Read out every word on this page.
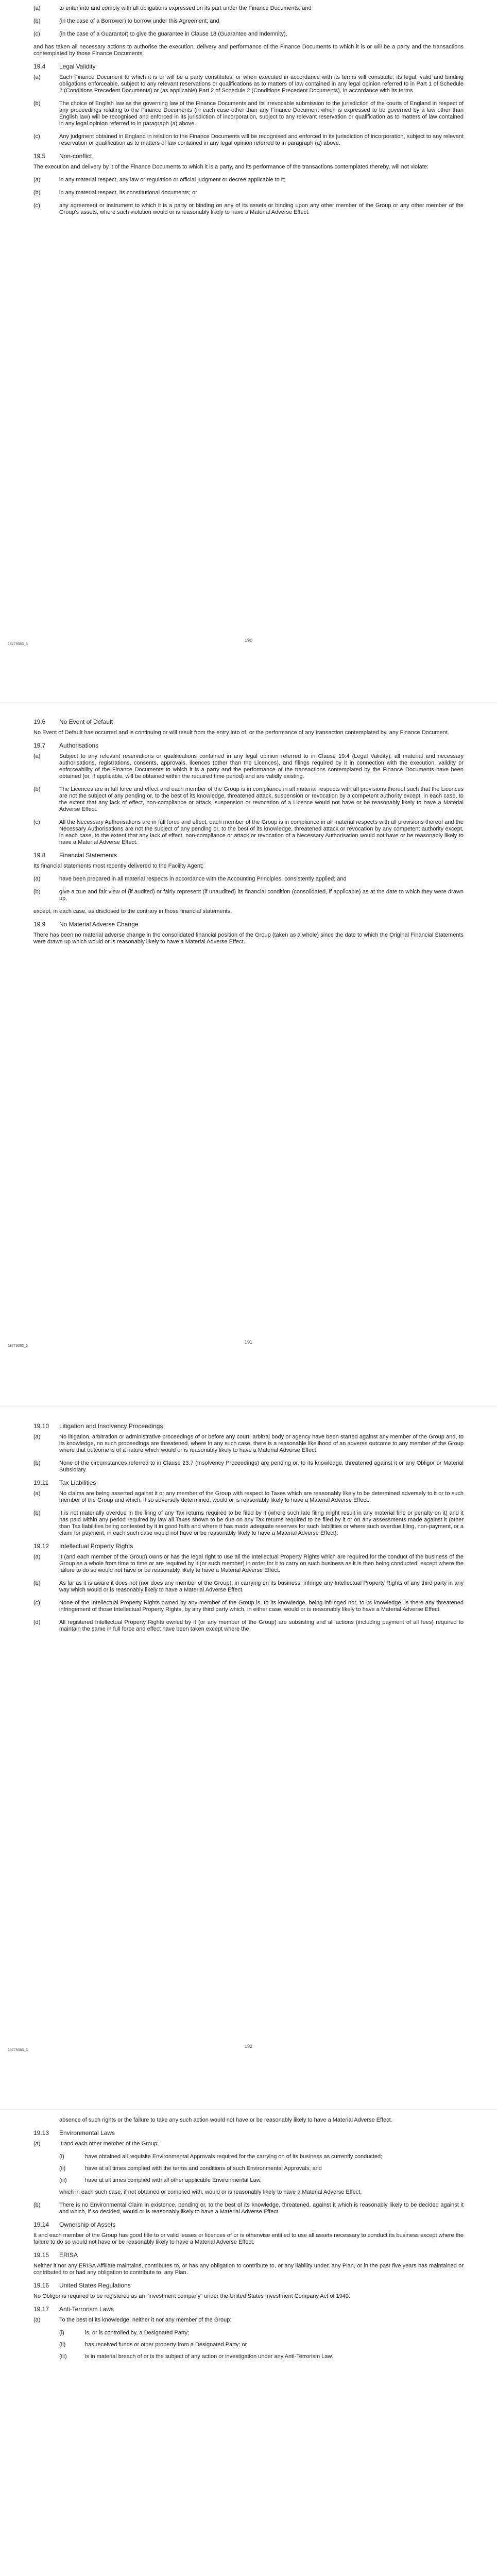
(a)	to enter into and comply with all obligations expressed on its part under the Finance Documents; and
(b)	(in the case of a Borrower) to borrow under this Agreement; and
(c)	(in the case of a Guarantor) to give the guarantee in Clause 18 (Guarantee and Indemnity),
and has taken all necessary actions to authorise the execution, delivery and performance of the Finance Documents to which it is or will be a party and the transactions contemplated by those Finance Documents.
19.4	Legal Validity
(a)	Each Finance Document to which it is or will be a party constitutes, or when executed in accordance with its terms will constitute, its legal, valid and binding obligations enforceable, subject to any relevant reservations or qualifications as to matters of law contained in any legal opinion referred to in Part 1 of Schedule 2 (Conditions Precedent Documents) or (as applicable) Part 2 of Schedule 2 (Conditions Precedent Documents), in accordance with its terms.
(b)	The choice of English law as the governing law of the Finance Documents and its irrevocable submission to the jurisdiction of the courts of England in respect of any proceedings relating to the Finance Documents (in each case other than any Finance Document which is expressed to be governed by a law other than English law) will be recognised and enforced in its jurisdiction of incorporation, subject to any relevant reservation or qualification as to matters of law contained in any legal opinion referred to in paragraph (a) above.
(c)	Any judgment obtained in England in relation to the Finance Documents will be recognised and enforced in its jurisdiction of incorporation, subject to any relevant reservation or qualification as to matters of law contained in any legal opinion referred to in paragraph (a) above.
19.5	Non-conflict
The execution and delivery by it of the Finance Documents to which it is a party, and its performance of the transactions contemplated thereby, will not violate:
(a)	in any material respect, any law or regulation or official judgment or decree applicable to it;
(b)	in any material respect, its constitutional documents; or
(c)	any agreement or instrument to which it is a party or binding on any of its assets or binding upon any other member of the Group or any other member of the Group's assets, where such violation would or is reasonably likely to have a Material Adverse Effect.
18779383_6
190
19.6	No Event of Default
No Event of Default has occurred and is continuing or will result from the entry into of, or the performance of any transaction contemplated by, any Finance Document.
19.7	Authorisations
(a)	Subject to any relevant reservations or qualifications contained in any legal opinion referred to in Clause 19.4 (Legal Validity), all material and necessary authorisations, registrations, consents, approvals, licences (other than the Licences), and filings required by it in connection with the execution, validity or enforceability of the Finance Documents to which it is a party and the performance of the transactions contemplated by the Finance Documents have been obtained (or, if applicable, will be obtained within the required time period) and are validly existing.
(b)	The Licences are in full force and effect and each member of the Group is in compliance in all material respects with all provisions thereof such that the Licences are not the subject of any pending or, to the best of its knowledge, threatened attack, suspension or revocation by a competent authority except, in each case, to the extent that any lack of effect, non-compliance or attack, suspension or revocation of a Licence would not have or be reasonably likely to have a Material Adverse Effect.
(c)	All the Necessary Authorisations are in full force and effect, each member of the Group is in compliance in all material respects with all provisions thereof and the Necessary Authorisations are not the subject of any pending or, to the best of its knowledge, threatened attack or revocation by any competent authority except, in each case, to the extent that any lack of effect, non-compliance or attack or revocation of a Necessary Authorisation would not have or be reasonably likely to have a Material Adverse Effect.
19.8	Financial Statements
Its financial statements most recently delivered to the Facility Agent:
(a)	have been prepared in all material respects in accordance with the Accounting Principles, consistently applied; and
(b)	give a true and fair view of (if audited) or fairly represent (if unaudited) its financial condition (consolidated, if applicable) as at the date to which they were drawn up,
except, in each case, as disclosed to the contrary in those financial statements.
19.9	No Material Adverse Change
There has been no material adverse change in the consolidated financial position of the Group (taken as a whole) since the date to which the Original Financial Statements were drawn up which would or is reasonably likely to have a Material Adverse Effect.
18779383_6
191
19.10	Litigation and Insolvency Proceedings
(a)	No litigation, arbitration or administrative proceedings of or before any court, arbitral body or agency have been started against any member of the Group and, to its knowledge, no such proceedings are threatened, where in any such case, there is a reasonable likelihood of an adverse outcome to any member of the Group where that outcome is of a nature which would or is reasonably likely to have a Material Adverse Effect.
(b)	None of the circumstances referred to in Clause 23.7 (Insolvency Proceedings) are pending or, to its knowledge, threatened against it or any Obligor or Material Subsidiary.
19.11	Tax Liabilities
(a)	No claims are being asserted against it or any member of the Group with respect to Taxes which are reasonably likely to be determined adversely to it or to such member of the Group and which, if so adversely determined, would or is reasonably likely to have a Material Adverse Effect.
(b)	It is not materially overdue in the filing of any Tax returns required to be filed by it (where such late filing might result in any material fine or penalty on it) and it has paid within any period required by law all Taxes shown to be due on any Tax returns required to be filed by it or on any assessments made against it (other than Tax liabilities being contested by it in good faith and where it has made adequate reserves for such liabilities or where such overdue filing, non-payment, or a claim for payment, in each such case would not have or be reasonably likely to have a Material Adverse Effect).
19.12	Intellectual Property Rights
(a)	It (and each member of the Group) owns or has the legal right to use all the Intellectual Property Rights which are required for the conduct of the business of the Group as a whole from time to time or are required by it (or such member) in order for it to carry on such business as it is then being conducted, except where the failure to do so would not have or be reasonably likely to have a Material Adverse Effect.
(b)	As far as it is aware it does not (nor does any member of the Group), in carrying on its business, infringe any Intellectual Property Rights of any third party in any way which would or is reasonably likely to have a Material Adverse Effect.
(c)	None of the Intellectual Property Rights owned by any member of the Group is, to its knowledge, being infringed nor, to its knowledge, is there any threatened infringement of those Intellectual Property Rights, by any third party which, in either case, would or is reasonably likely to have a Material Adverse Effect.
(d)	All registered Intellectual Property Rights owned by it (or any member of the Group) are subsisting and all actions (including payment of all fees) required to maintain the same in full force and effect have been taken except where the
18779383_6
192
absence of such rights or the failure to take any such action would not have or be reasonably likely to have a Material Adverse Effect.
19.13	Environmental Laws
(a)	It and each other member of the Group:
(i)	have obtained all requisite Environmental Approvals required for the carrying on of its business as currently conducted;
(ii)	have at all times complied with the terms and conditions of such Environmental Approvals; and
(iii)	have at all times complied with all other applicable Environmental Law,
which in each such case, if not obtained or complied with, would or is reasonably likely to have a Material Adverse Effect.
(b)	There is no Environmental Claim in existence, pending or, to the best of its knowledge, threatened, against it which is reasonably likely to be decided against it and which, if so decided, would or is reasonably likely to have a Material Adverse Effect.
19.14	Ownership of Assets
It and each member of the Group has good title to or valid leases or licences of or is otherwise entitled to use all assets necessary to conduct its business except where the failure to do so would not have or be reasonably likely to have a Material Adverse Effect.
19.15	ERISA
Neither it nor any ERISA Affiliate maintains, contributes to, or has any obligation to contribute to, or any liability under, any Plan, or in the past five years has maintained or contributed to or had any obligation to contribute to, any Plan.
19.16	United States Regulations
No Obligor is required to be registered as an "investment company" under the United States Investment Company Act of 1940.
19.17	Anti-Terrorism Laws
(a)	To the best of its knowledge, neither it nor any member of the Group:
(i)	is, or is controlled by, a Designated Party;
(ii)	has received funds or other property from a Designated Party; or
(iii)	is in material breach of or is the subject of any action or investigation under any Anti-Terrorism Law.
